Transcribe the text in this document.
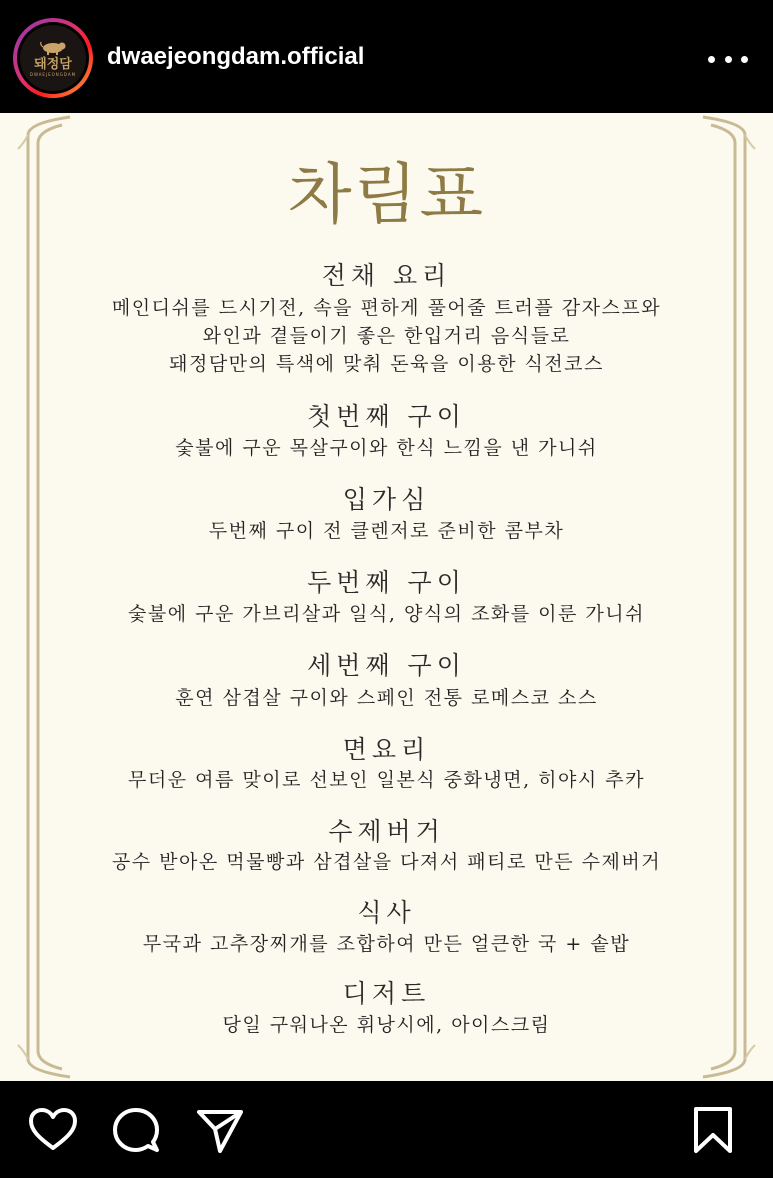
돼정담
DWAEJEONGDAM
dwaejeongdam.official
차림표
전채 요리
메인디쉬를 드시기전, 속을 편하게 풀어줄 트러플 감자스프와
와인과 곁들이기 좋은 한입거리 음식들로
돼정담만의 특색에 맞춰 돈육을 이용한 식전코스
첫번째 구이
숯불에 구운 목살구이와 한식 느낌을 낸 가니쉬
입가심
두번째 구이 전 클렌저로 준비한 콤부차
두번째 구이
숯불에 구운 가브리살과 일식, 양식의 조화를 이룬 가니쉬
세번째 구이
훈연 삼겹살 구이와 스페인 전통 로메스코 소스
면요리
무더운 여름 맞이로 선보인 일본식 중화냉면, 히야시 추카
수제버거
공수 받아온 먹물빵과 삼겹살을 다져서 패티로 만든 수제버거
식사
무국과 고추장찌개를 조합하여 만든 얼큰한 국 + 솥밥
디저트
당일 구워나온 휘낭시에, 아이스크림
